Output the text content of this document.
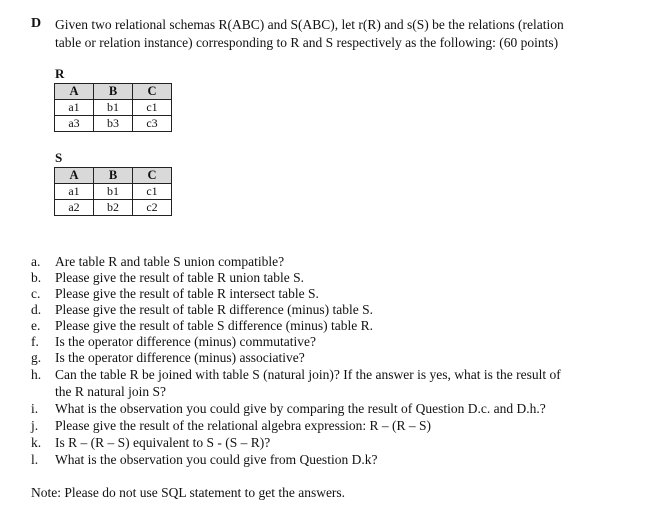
D Given two relational schemas R(ABC) and S(ABC), let r(R) and s(S) be the relations (relation
table or relation instance) corresponding to R and S respectively as the following: (60 points)
R
A	B	C
a1	b1	c1
a3	b3	c3
S
A	B	C
a1	b1	c1
a2	b2	c2
a. Are table R and table S union compatible?
b. Please give the result of table R union table S.
c. Please give the result of table R intersect table S.
d. Please give the result of table R difference (minus) table S.
e. Please give the result of table S difference (minus) table R.
f. Is the operator difference (minus) commutative?
g. Is the operator difference (minus) associative?
h. Can the table R be joined with table S (natural join)? If the answer is yes, what is the result of
the R natural join S?
i. What is the observation you could give by comparing the result of Question D.c. and D.h.?
j. Please give the result of the relational algebra expression: R – (R – S)
k. Is R – (R – S) equivalent to S - (S – R)?
l. What is the observation you could give from Question D.k?
Note: Please do not use SQL statement to get the answers.
